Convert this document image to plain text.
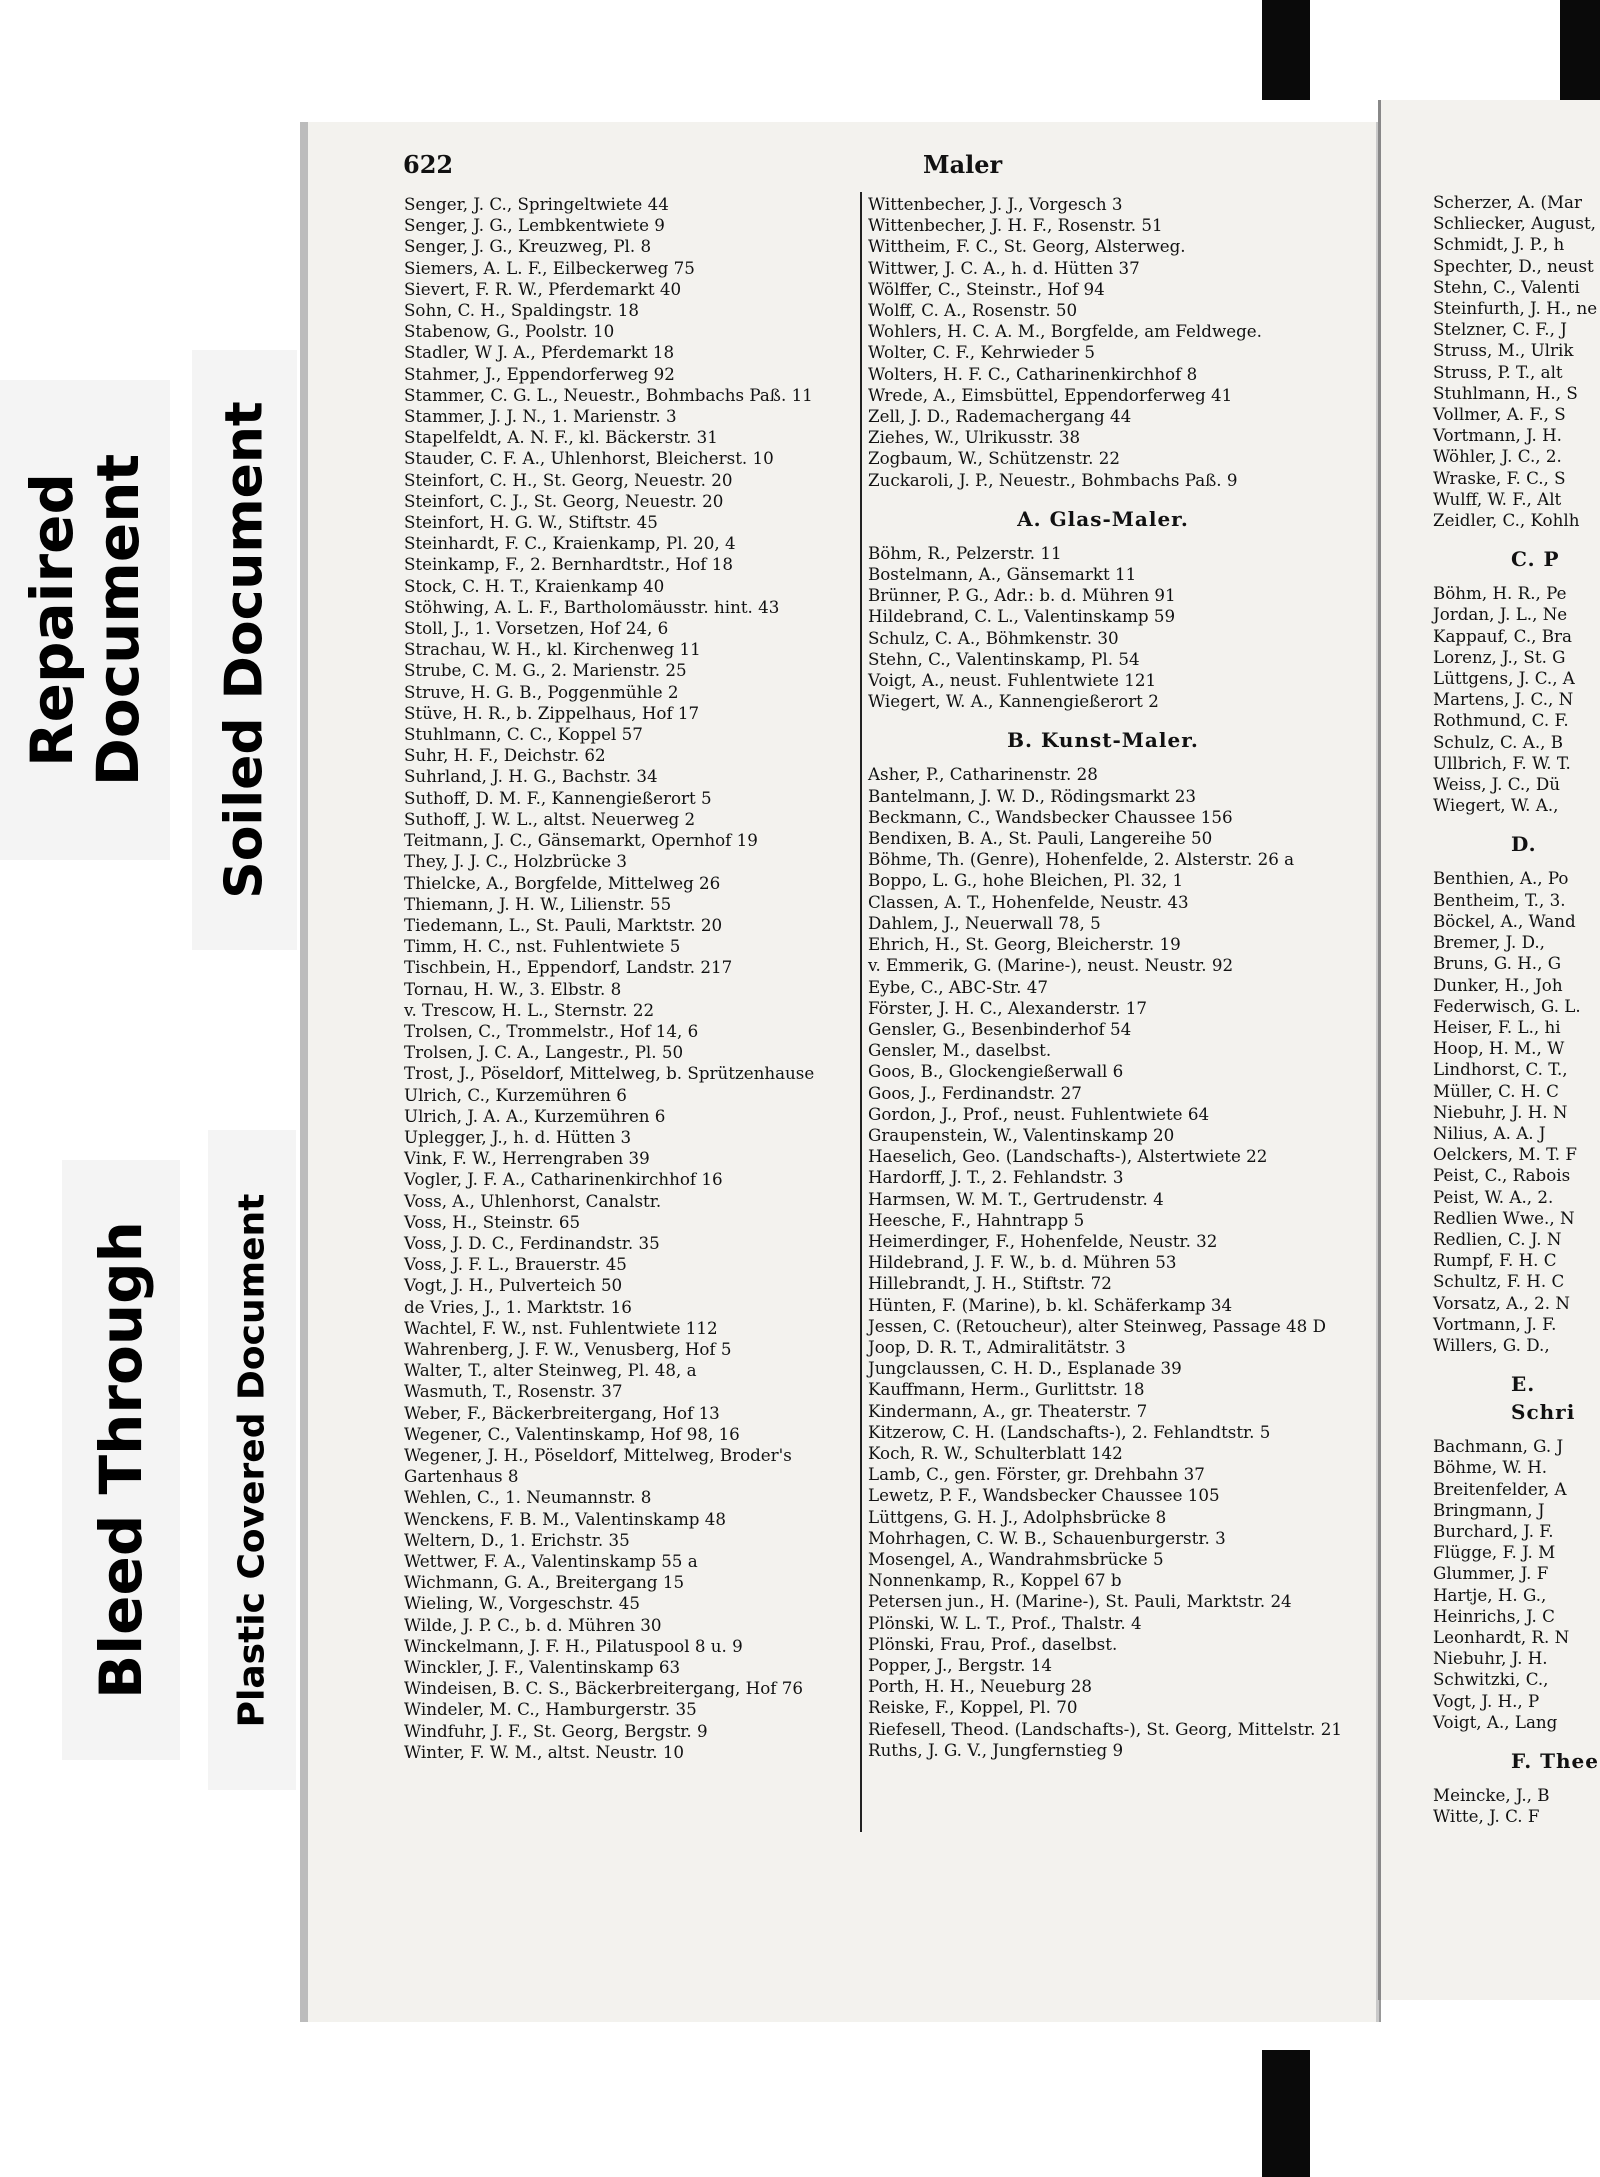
Repaired Document Soiled Document
Bleed Through Plastic Covered Document
622	Maler
Senger, J. C., Springeltwiete 44
Senger, J. G., Lembkentwiete 9
Senger, J. G., Kreuzweg, Pl. 8
Siemers, A. L. F., Eilbeckerweg 75
Sievert, F. R. W., Pferdemarkt 40
Sohn, C. H., Spaldingstr. 18
Stabenow, G., Poolstr. 10
Stadler, W J. A., Pferdemarkt 18
Stahmer, J., Eppendorferweg 92
Stammer, C. G. L., Neuestr., Bohmbachs Paß. 11
Stammer, J. J. N., 1. Marienstr. 3
Stapelfeldt, A. N. F., kl. Bäckerstr. 31
Stauder, C. F. A., Uhlenhorst, Bleicherst. 10
Steinfort, C. H., St. Georg, Neuestr. 20
Steinfort, C. J., St. Georg, Neuestr. 20
Steinfort, H. G. W., Stiftstr. 45
Steinhardt, F. C., Kraienkamp, Pl. 20, 4
Steinkamp, F., 2. Bernhardtstr., Hof 18
Stock, C. H. T., Kraienkamp 40
Stöhwing, A. L. F., Bartholomäusstr. hint. 43
Stoll, J., 1. Vorsetzen, Hof 24, 6
Strachau, W. H., kl. Kirchenweg 11
Strube, C. M. G., 2. Marienstr. 25
Struve, H. G. B., Poggenmühle 2
Stüve, H. R., b. Zippelhaus, Hof 17
Stuhlmann, C. C., Koppel 57
Suhr, H. F., Deichstr. 62
Suhrland, J. H. G., Bachstr. 34
Suthoff, D. M. F., Kannengießerort 5
Suthoff, J. W. L., altst. Neuerweg 2
Teitmann, J. C., Gänsemarkt, Opernhof 19
They, J. J. C., Holzbrücke 3
Thielcke, A., Borgfelde, Mittelweg 26
Thiemann, J. H. W., Lilienstr. 55
Tiedemann, L., St. Pauli, Marktstr. 20
Timm, H. C., nst. Fuhlentwiete 5
Tischbein, H., Eppendorf, Landstr. 217
Tornau, H. W., 3. Elbstr. 8
v. Trescow, H. L., Sternstr. 22
Trolsen, C., Trommelstr., Hof 14, 6
Trolsen, J. C. A., Langestr., Pl. 50
Trost, J., Pöseldorf, Mittelweg, b. Sprützenhause
Ulrich, C., Kurzemühren 6
Ulrich, J. A. A., Kurzemühren 6
Uplegger, J., h. d. Hütten 3
Vink, F. W., Herrengraben 39
Vogler, J. F. A., Catharinenkirchhof 16
Voss, A., Uhlenhorst, Canalstr.
Voss, H., Steinstr. 65
Voss, J. D. C., Ferdinandstr. 35
Voss, J. F. L., Brauerstr. 45
Vogt, J. H., Pulverteich 50
de Vries, J., 1. Marktstr. 16
Wachtel, F. W., nst. Fuhlentwiete 112
Wahrenberg, J. F. W., Venusberg, Hof 5
Walter, T., alter Steinweg, Pl. 48, a
Wasmuth, T., Rosenstr. 37
Weber, F., Bäckerbreitergang, Hof 13
Wegener, C., Valentinskamp, Hof 98, 16
Wegener, J. H., Pöseldorf, Mittelweg, Broder's
Gartenhaus 8
Wehlen, C., 1. Neumannstr. 8
Wenckens, F. B. M., Valentinskamp 48
Weltern, D., 1. Erichstr. 35
Wettwer, F. A., Valentinskamp 55 a
Wichmann, G. A., Breitergang 15
Wieling, W., Vorgeschstr. 45
Wilde, J. P. C., b. d. Mühren 30
Winckelmann, J. F. H., Pilatuspool 8 u. 9
Winckler, J. F., Valentinskamp 63
Windeisen, B. C. S., Bäckerbreitergang, Hof 76
Windeler, M. C., Hamburgerstr. 35
Windfuhr, J. F., St. Georg, Bergstr. 9
Winter, F. W. M., altst. Neustr. 10
Wittenbecher, J. J., Vorgesch 3
Wittenbecher, J. H. F., Rosenstr. 51
Wittheim, F. C., St. Georg, Alsterweg.
Wittwer, J. C. A., h. d. Hütten 37
Wölffer, C., Steinstr., Hof 94
Wolff, C. A., Rosenstr. 50
Wohlers, H. C. A. M., Borgfelde, am Feldwege.
Wolter, C. F., Kehrwieder 5
Wolters, H. F. C., Catharinenkirchhof 8
Wrede, A., Eimsbüttel, Eppendorferweg 41
Zell, J. D., Rademachergang 44
Ziehes, W., Ulrikusstr. 38
Zogbaum, W., Schützenstr. 22
Zuckaroli, J. P., Neuestr., Bohmbachs Paß. 9
A. Glas-Maler.
Böhm, R., Pelzerstr. 11
Bostelmann, A., Gänsemarkt 11
Brünner, P. G., Adr.: b. d. Mühren 91
Hildebrand, C. L., Valentinskamp 59
Schulz, C. A., Böhmkenstr. 30
Stehn, C., Valentinskamp, Pl. 54
Voigt, A., neust. Fuhlentwiete 121
Wiegert, W. A., Kannengießerort 2
B. Kunst-Maler.
Asher, P., Catharinenstr. 28
Bantelmann, J. W. D., Rödingsmarkt 23
Beckmann, C., Wandsbecker Chaussee 156
Bendixen, B. A., St. Pauli, Langereihe 50
Böhme, Th. (Genre), Hohenfelde, 2. Alsterstr. 26 a
Boppo, L. G., hohe Bleichen, Pl. 32, 1
Classen, A. T., Hohenfelde, Neustr. 43
Dahlem, J., Neuerwall 78, 5
Ehrich, H., St. Georg, Bleicherstr. 19
v. Emmerik, G. (Marine-), neust. Neustr. 92
Eybe, C., ABC-Str. 47
Förster, J. H. C., Alexanderstr. 17
Gensler, G., Besenbinderhof 54
Gensler, M., daselbst.
Goos, B., Glockengießerwall 6
Goos, J., Ferdinandstr. 27
Gordon, J., Prof., neust. Fuhlentwiete 64
Graupenstein, W., Valentinskamp 20
Haeselich, Geo. (Landschafts-), Alstertwiete 22
Hardorff, J. T., 2. Fehlandstr. 3
Harmsen, W. M. T., Gertrudenstr. 4
Heesche, F., Hahntrapp 5
Heimerdinger, F., Hohenfelde, Neustr. 32
Hildebrand, J. F. W., b. d. Mühren 53
Hillebrandt, J. H., Stiftstr. 72
Hünten, F. (Marine), b. kl. Schäferkamp 34
Jessen, C. (Retoucheur), alter Steinweg, Passage 48 D
Joop, D. R. T., Admiralitätstr. 3
Jungclaussen, C. H. D., Esplanade 39
Kauffmann, Herm., Gurlittstr. 18
Kindermann, A., gr. Theaterstr. 7
Kitzerow, C. H. (Landschafts-), 2. Fehlandtstr. 5
Koch, R. W., Schulterblatt 142
Lamb, C., gen. Förster, gr. Drehbahn 37
Lewetz, P. F., Wandsbecker Chaussee 105
Lüttgens, G. H. J., Adolphsbrücke 8
Mohrhagen, C. W. B., Schauenburgerstr. 3
Mosengel, A., Wandrahmsbrücke 5
Nonnenkamp, R., Koppel 67 b
Petersen jun., H. (Marine-), St. Pauli, Marktstr. 24
Plönski, W. L. T., Prof., Thalstr. 4
Plönski, Frau, Prof., daselbst.
Popper, J., Bergstr. 14
Porth, H. H., Neueburg 28
Reiske, F., Koppel, Pl. 70
Riefesell, Theod. (Landschafts-), St. Georg, Mittelstr. 21
Ruths, J. G. V., Jungfernstieg 9
Scherzer, A. (Mar
Schliecker, August,
Schmidt, J. P., h
Spechter, D., neust
Stehn, C., Valenti
Steinfurth, J. H., ne
Stelzner, C. F., J
Struss, M., Ulrik
Struss, P. T., alt
Stuhlmann, H., S
Vollmer, A. F., S
Vortmann, J. H.
Wöhler, J. C., 2.
Wraske, F. C., S
Wulff, W. F., Alt
Zeidler, C., Kohlh
C. P
Böhm, H. R., Pe
Jordan, J. L., Ne
Kappauf, C., Bra
Lorenz, J., St. G
Lüttgens, J. C., A
Martens, J. C., N
Rothmund, C. F.
Schulz, C. A., B
Ullbrich, F. W. T.
Weiss, J. C., Dü
Wiegert, W. A.,
D.
Benthien, A., Po
Bentheim, T., 3.
Böckel, A., Wand
Bremer, J. D.,
Bruns, G. H., G
Dunker, H., Joh
Federwisch, G. L.
Heiser, F. L., hi
Hoop, H. M., W
Lindhorst, C. T.,
Müller, C. H. C
Niebuhr, J. H. N
Nilius, A. A. J
Oelckers, M. T. F
Peist, C., Rabois
Peist, W. A., 2.
Redlien Wwe., N
Redlien, C. J. N
Rumpf, F. H. C
Schultz, F. H. C
Vorsatz, A., 2. N
Vortmann, J. F.
Willers, G. D.,
E. Schri
Bachmann, G. J
Böhme, W. H.
Breitenfelder, A
Bringmann, J
Burchard, J. F.
Flügge, F. J. M
Glummer, J. F
Hartje, H. G.,
Heinrichs, J. C
Leonhardt, R. N
Niebuhr, J. H.
Schwitzki, C.,
Vogt, J. H., P
Voigt, A., Lang
F. Thee
Meincke, J., B
Witte, J. C. F
